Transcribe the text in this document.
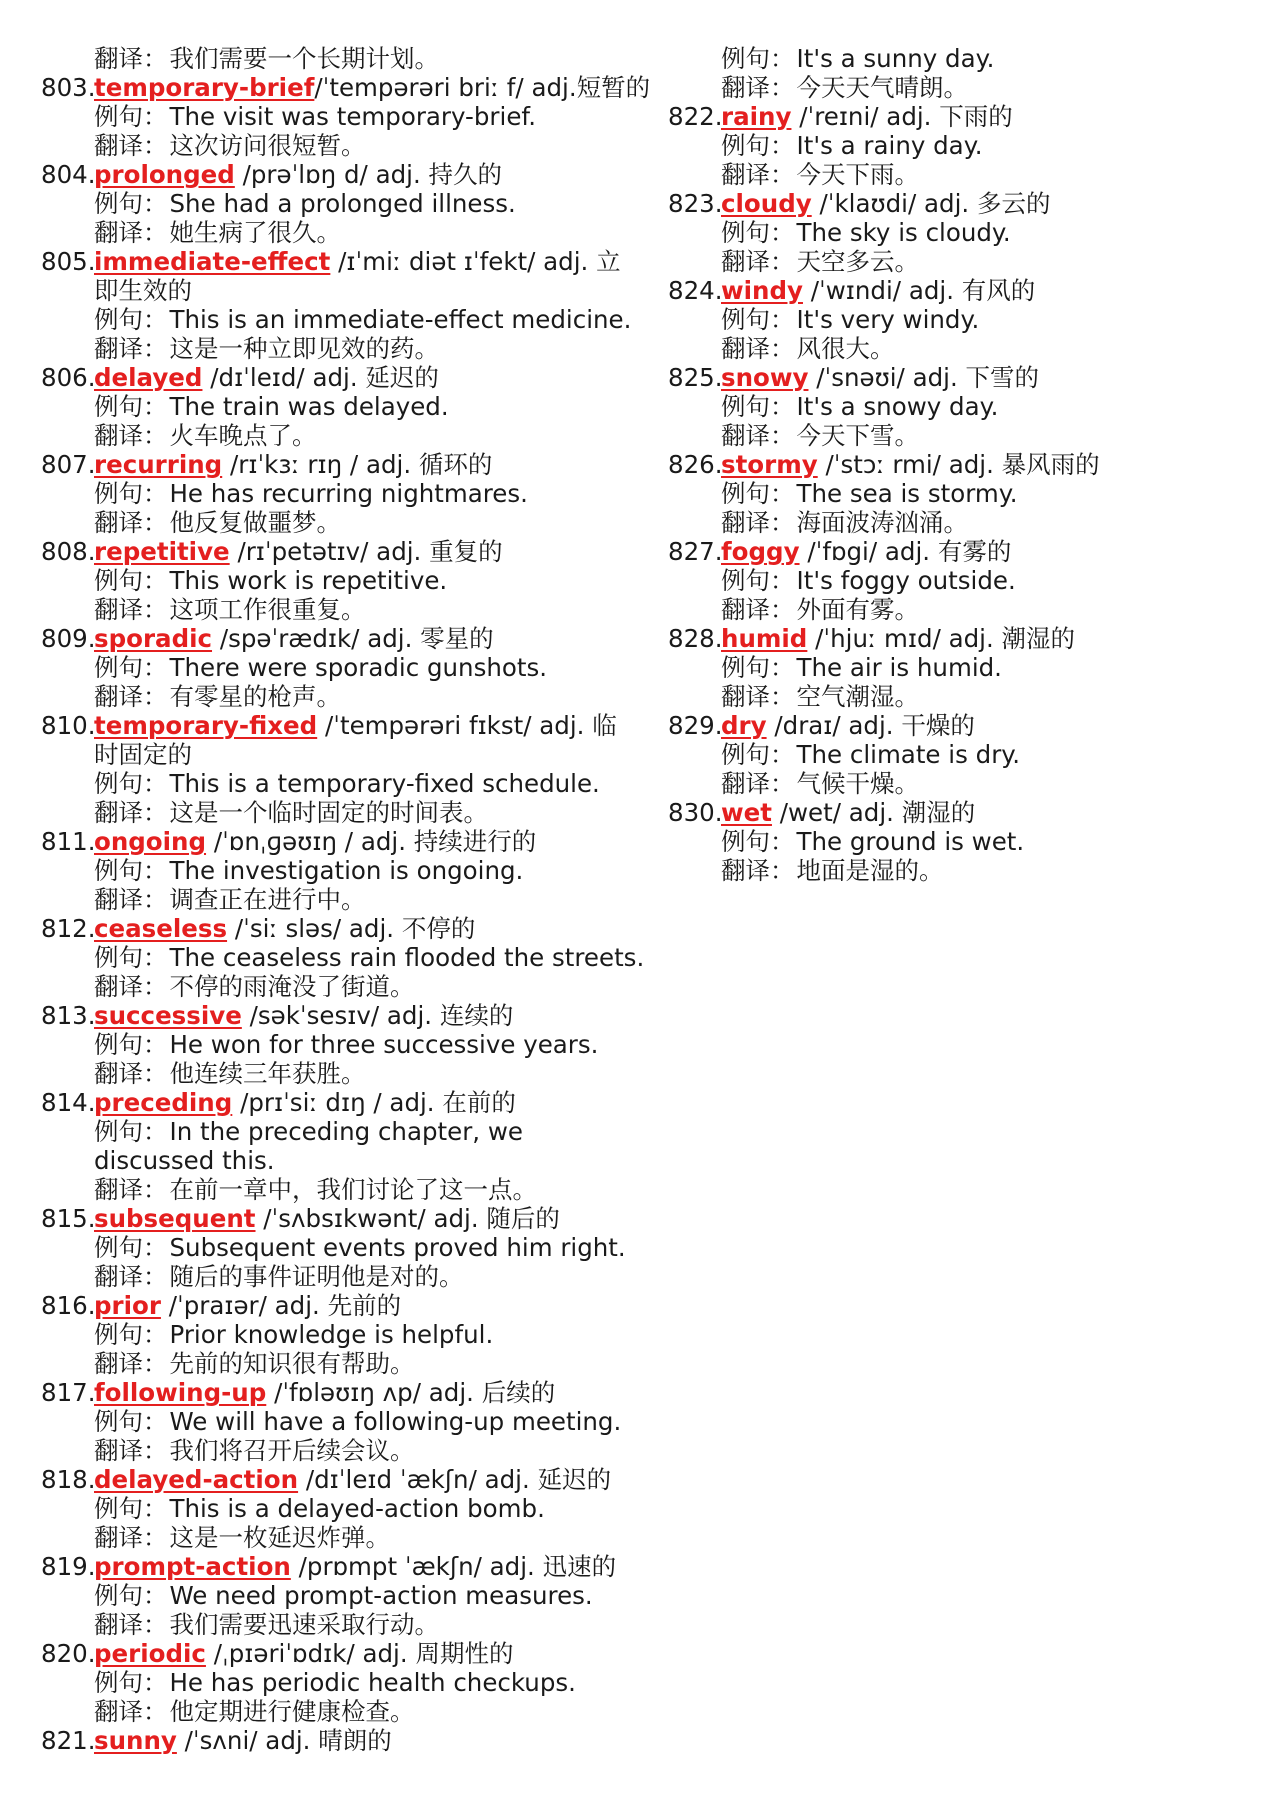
翻译：我们需要一个长期计划。
803.temporary-brief/ˈtempərəri briː f/ adj.短暂的
例句：The visit was temporary-brief.
翻译：这次访问很短暂。
804.prolonged /prəˈlɒŋ d/ adj. 持久的
例句：She had a prolonged illness.
翻译：她生病了很久。
805.immediate-effect /ɪˈmiː diət ɪˈfekt/ adj. 立即生效的
例句：This is an immediate-effect medicine.
翻译：这是一种立即见效的药。
806.delayed /dɪˈleɪd/ adj. 延迟的
例句：The train was delayed.
翻译：火车晚点了。
807.recurring /rɪˈkɜː rɪŋ / adj. 循环的
例句：He has recurring nightmares.
翻译：他反复做噩梦。
808.repetitive /rɪˈpetətɪv/ adj. 重复的
例句：This work is repetitive.
翻译：这项工作很重复。
809.sporadic /spəˈrædɪk/ adj. 零星的
例句：There were sporadic gunshots.
翻译：有零星的枪声。
810.temporary-fixed /ˈtempərəri fɪkst/ adj. 临时固定的
例句：This is a temporary-fixed schedule.
翻译：这是一个临时固定的时间表。
811.ongoing /ˈɒnˌɡəʊɪŋ / adj. 持续进行的
例句：The investigation is ongoing.
翻译：调查正在进行中。
812.ceaseless /ˈsiː sləs/ adj. 不停的
例句：The ceaseless rain flooded the streets.
翻译：不停的雨淹没了街道。
813.successive /səkˈsesɪv/ adj. 连续的
例句：He won for three successive years.
翻译：他连续三年获胜。
814.preceding /prɪˈsiː dɪŋ / adj. 在前的
例句：In the preceding chapter, we discussed this.
翻译：在前一章中，我们讨论了这一点。
815.subsequent /ˈsʌbsɪkwənt/ adj. 随后的
例句：Subsequent events proved him right.
翻译：随后的事件证明他是对的。
816.prior /ˈpraɪər/ adj. 先前的
例句：Prior knowledge is helpful.
翻译：先前的知识很有帮助。
817.following-up /ˈfɒləʊɪŋ ʌp/ adj. 后续的
例句：We will have a following-up meeting.
翻译：我们将召开后续会议。
818.delayed-action /dɪˈleɪd ˈækʃn/ adj. 延迟的
例句：This is a delayed-action bomb.
翻译：这是一枚延迟炸弹。
819.prompt-action /prɒmpt ˈækʃn/ adj. 迅速的
例句：We need prompt-action measures.
翻译：我们需要迅速采取行动。
820.periodic /ˌpɪəriˈɒdɪk/ adj. 周期性的
例句：He has periodic health checkups.
翻译：他定期进行健康检查。
821.sunny /ˈsʌni/ adj. 晴朗的
例句：It's a sunny day.
翻译：今天天气晴朗。
822.rainy /ˈreɪni/ adj. 下雨的
例句：It's a rainy day.
翻译：今天下雨。
823.cloudy /ˈklaʊdi/ adj. 多云的
例句：The sky is cloudy.
翻译：天空多云。
824.windy /ˈwɪndi/ adj. 有风的
例句：It's very windy.
翻译：风很大。
825.snowy /ˈsnəʊi/ adj. 下雪的
例句：It's a snowy day.
翻译：今天下雪。
826.stormy /ˈstɔː rmi/ adj. 暴风雨的
例句：The sea is stormy.
翻译：海面波涛汹涌。
827.foggy /ˈfɒgi/ adj. 有雾的
例句：It's foggy outside.
翻译：外面有雾。
828.humid /ˈhjuː mɪd/ adj. 潮湿的
例句：The air is humid.
翻译：空气潮湿。
829.dry /draɪ/ adj. 干燥的
例句：The climate is dry.
翻译：气候干燥。
830.wet /wet/ adj. 潮湿的
例句：The ground is wet.
翻译：地面是湿的。
